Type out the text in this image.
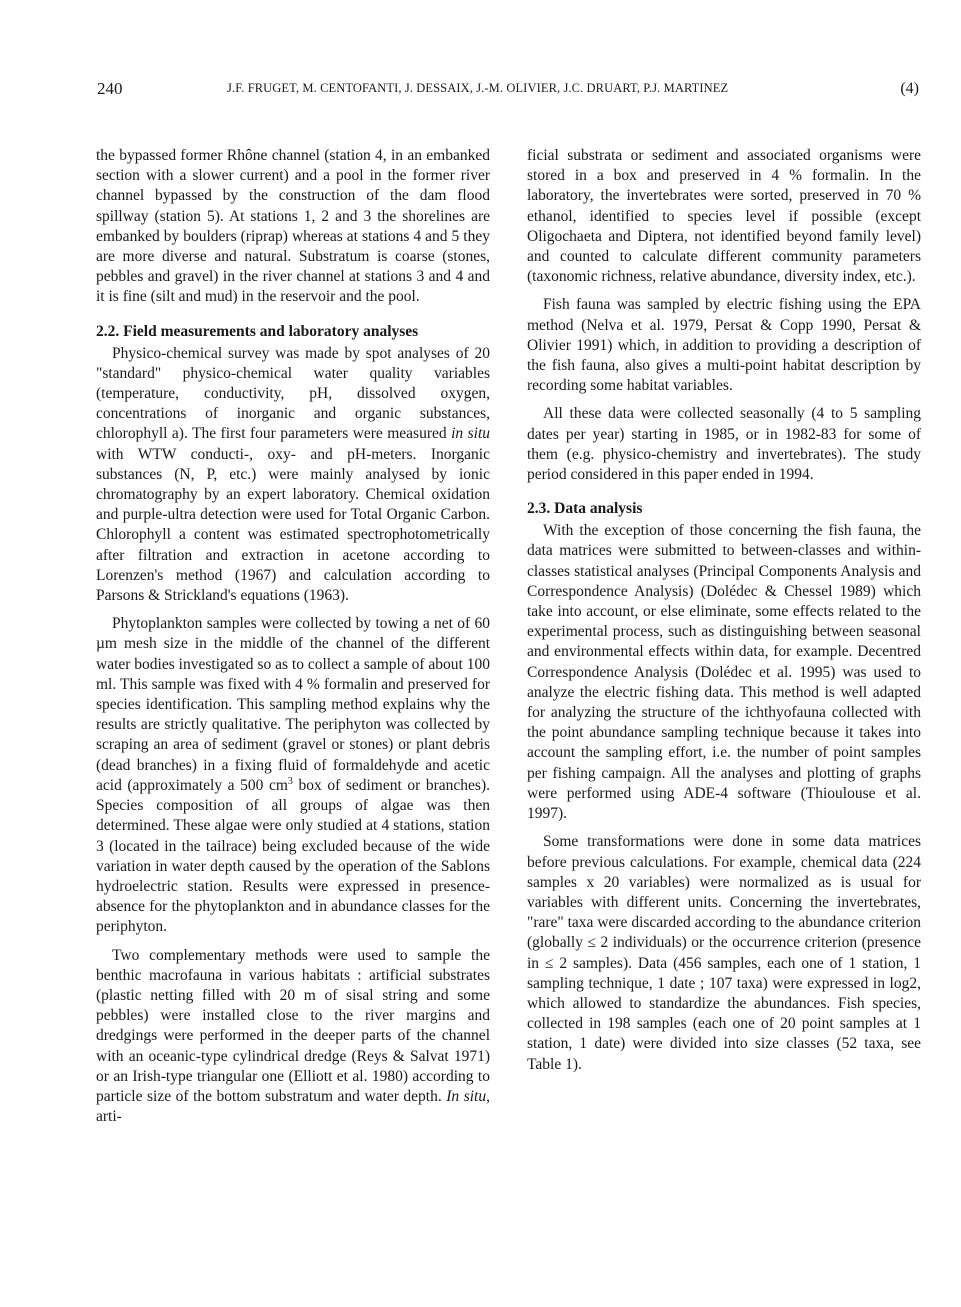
240	J.F. FRUGET, M. CENTOFANTI, J. DESSAIX, J.-M. OLIVIER, J.C. DRUART, P.J. MARTINEZ	(4)

the bypassed former Rhône channel (station 4, in an embanked section with a slower current) and a pool in the former river channel bypassed by the construction of the dam flood spillway (station 5). At stations 1, 2 and 3 the shorelines are embanked by boulders (riprap) whereas at stations 4 and 5 they are more diverse and natural. Substratum is coarse (stones, pebbles and gravel) in the river channel at stations 3 and 4 and it is fine (silt and mud) in the reservoir and the pool.

2.2. Field measurements and laboratory analyses

Physico-chemical survey was made by spot analyses of 20 "standard" physico-chemical water quality variables (temperature, conductivity, pH, dissolved oxygen, concentrations of inorganic and organic substances, chlorophyll a). The first four parameters were measured in situ with WTW conducti-, oxy- and pH-meters. Inorganic substances (N, P, etc.) were mainly analysed by ionic chromatography by an expert laboratory. Chemical oxidation and purple-ultra detection were used for Total Organic Carbon. Chlorophyll a content was estimated spectrophotometrically after filtration and extraction in acetone according to Lorenzen's method (1967) and calculation according to Parsons & Strickland's equations (1963).

Phytoplankton samples were collected by towing a net of 60 µm mesh size in the middle of the channel of the different water bodies investigated so as to collect a sample of about 100 ml. This sample was fixed with 4 % formalin and preserved for species identification. This sampling method explains why the results are strictly qualitative. The periphyton was collected by scraping an area of sediment (gravel or stones) or plant debris (dead branches) in a fixing fluid of formaldehyde and acetic acid (approximately a 500 $cm^3$ box of sediment or branches). Species composition of all groups of algae was then determined. These algae were only studied at 4 stations, station 3 (located in the tailrace) being excluded because of the wide variation in water depth caused by the operation of the Sablons hydroelectric station. Results were expressed in presence-absence for the phytoplankton and in abundance classes for the periphyton.

Two complementary methods were used to sample the benthic macrofauna in various habitats : artificial substrates (plastic netting filled with 20 m of sisal string and some pebbles) were installed close to the river margins and dredgings were performed in the deeper parts of the channel with an oceanic-type cylindrical dredge (Reys & Salvat 1971) or an Irish-type triangular one (Elliott et al. 1980) according to particle size of the bottom substratum and water depth. In situ, arti-

ficial substrata or sediment and associated organisms were stored in a box and preserved in 4 % formalin. In the laboratory, the invertebrates were sorted, preserved in 70 % ethanol, identified to species level if possible (except Oligochaeta and Diptera, not identified beyond family level) and counted to calculate different community parameters (taxonomic richness, relative abundance, diversity index, etc.).

Fish fauna was sampled by electric fishing using the EPA method (Nelva et al. 1979, Persat & Copp 1990, Persat & Olivier 1991) which, in addition to providing a description of the fish fauna, also gives a multi-point habitat description by recording some habitat variables.

All these data were collected seasonally (4 to 5 sampling dates per year) starting in 1985, or in 1982-83 for some of them (e.g. physico-chemistry and invertebrates). The study period considered in this paper ended in 1994.

2.3. Data analysis

With the exception of those concerning the fish fauna, the data matrices were submitted to between-classes and within-classes statistical analyses (Principal Components Analysis and Correspondence Analysis) (Dolédec & Chessel 1989) which take into account, or else eliminate, some effects related to the experimental process, such as distinguishing between seasonal and environmental effects within data, for example. Decentred Correspondence Analysis (Dolédec et al. 1995) was used to analyze the electric fishing data. This method is well adapted for analyzing the structure of the ichthyofauna collected with the point abundance sampling technique because it takes into account the sampling effort, i.e. the number of point samples per fishing campaign. All the analyses and plotting of graphs were performed using ADE-4 software (Thioulouse et al. 1997).

Some transformations were done in some data matrices before previous calculations. For example, chemical data (224 samples x 20 variables) were normalized as is usual for variables with different units. Concerning the invertebrates, "rare" taxa were discarded according to the abundance criterion (globally ≤ 2 individuals) or the occurrence criterion (presence in ≤ 2 samples). Data (456 samples, each one of 1 station, 1 sampling technique, 1 date ; 107 taxa) were expressed in log2, which allowed to standardize the abundances. Fish species, collected in 198 samples (each one of 20 point samples at 1 station, 1 date) were divided into size classes (52 taxa, see Table 1).
